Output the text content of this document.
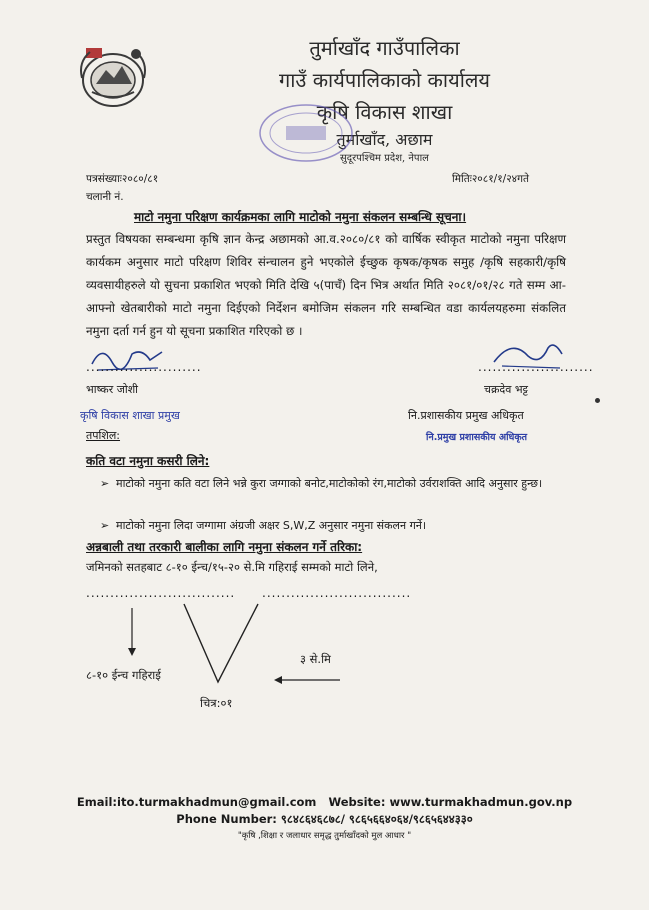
तुर्माखाँद गाउँपालिका
गाउँ कार्यपालिकाको कार्यालय
कृषि विकास शाखा
तुर्माखाँद, अछाम
सुदूरपश्चिम प्रदेश, नेपाल
पत्रसंख्याः२०८०/८१
चलानी नं.
मितिः२०८१/१/२४गते
माटो नमुना परिक्षण कार्यक्रमका लागि माटोको नमुना संकलन सम्बन्धि सूचना।
प्रस्तुत विषयका सम्बन्धमा कृषि ज्ञान केन्द्र अछामको आ.व.२०८०/८१ को वार्षिक स्वीकृत माटोको नमुना परिक्षण कार्यकम अनुसार माटो परिक्षण शिविर संन्चालन हुने भएकोले ईच्छुक कृषक/कृषक समुह /कृषि सहकारी/कृषि व्यवसायीहरुले यो सुचना प्रकाशित भएको मिति देखि ५(पाचँ) दिन भित्र अर्थात मिति २०८१/०१/२८ गते सम्म आ-आफ्नो खेतबारीको माटो नमुना दिईएको निर्देशन बमोजिम संकलन गरि सम्बन्धित वडा कार्यलयहरुमा संकलित नमुना दर्ता गर्न हुन यो सूचना प्रकाशित गरिएको छ ।
........................
भाष्कर जोशी
कृषि विकास शाखा प्रमुख
........................
चक्रदेव भट्ट
नि.प्रशासकीय प्रमुख अधिकृत
नि.प्रमुख प्रशासकीय अधिकृत
तपशिल:
कति वटा नमुना कसरी लिने:
➢ माटोको नमुना कति वटा लिने भन्ने कुरा जग्गाको बनोट,माटोकोको रंग,माटोको उर्वराशक्ति आदि अनुसार हुन्छ।
➢ माटोको नमुना लिदा जग्गामा अंग्रजी अक्षर S,W,Z अनुसार नमुना संकलन गर्ने।
अन्नबाली तथा तरकारी बालीका लागि नमुना संकलन गर्ने तरिका:
जमिनको सतहबाट ८-१० ईन्च/१५-२० से.मि गहिराई सम्मको माटो लिने,
............................... ...............................
३ से.मि
८-१० ईन्च गहिराई
चित्र:०१
Email:ito.turmakhadmun@gmail.com Website: www.turmakhadmun.gov.np
Phone Number: ९८४८६४६८७८/ ९८६५६६४०६४/९८६५६४४३३०
"कृषि ,शिक्षा र जलाधार समृद्ध तुर्माखाँदको मुल आधार "
